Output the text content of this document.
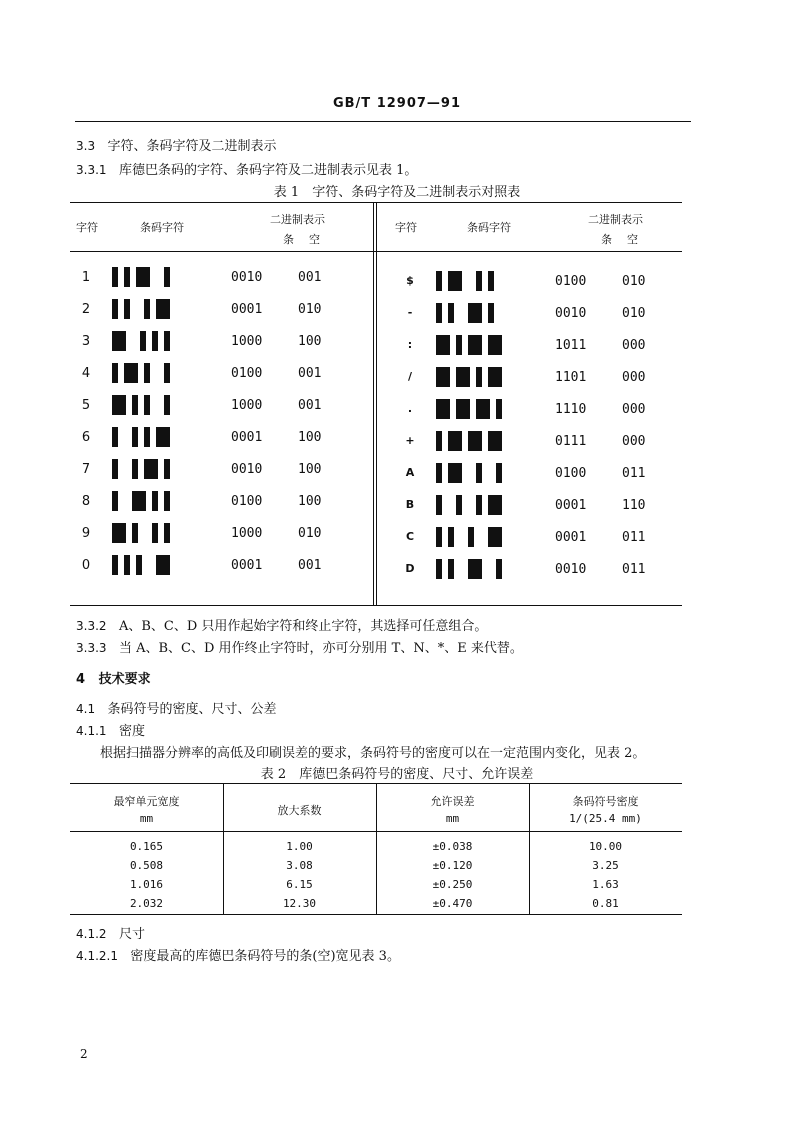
GB/T 12907—91
3.3 字符、条码字符及二进制表示
3.3.1 库德巴条码的字符、条码字符及二进制表示见表 1。
表 1　字符、条码字符及二进制表示对照表
字符	条码字符
二进制表示
条 空
字符	条码字符
二进制表示
条 空
1	0010	001
2	0001	010
3	1000	100
4	0100	001
5	1000	001
6	0001	100
7	0010	100
8	0100	100
9	1000	010
0	0001	001
$	0100	010
-	0010	010
:	1011	000
/	1101	000
.	1110	000
+	0111	000
A	0100	011
B	0001	110
C	0001	011
D	0010	011
3.3.2 A、B、C、D 只用作起始字符和终止字符，其选择可任意组合。
3.3.3 当 A、B、C、D 用作终止字符时，亦可分别用 T、N、*、E 来代替。
4 技术要求
4.1 条码符号的密度、尺寸、公差
4.1.1 密度
根据扫描器分辨率的高低及印刷误差的要求，条码符号的密度可以在一定范围内变化，见表 2。
表 2　库德巴条码符号的密度、尺寸、允许误差
最窄单元宽度
mm
放大系数
允许误差
mm
条码符号密度
1/(25.4 mm)
0.165	1.00	±0.038	10.00
0.508	3.08	±0.120	3.25
1.016	6.15	±0.250	1.63
2.032	12.30	±0.470	0.81
4.1.2 尺寸
4.1.2.1 密度最高的库德巴条码符号的条(空)宽见表 3。
2
